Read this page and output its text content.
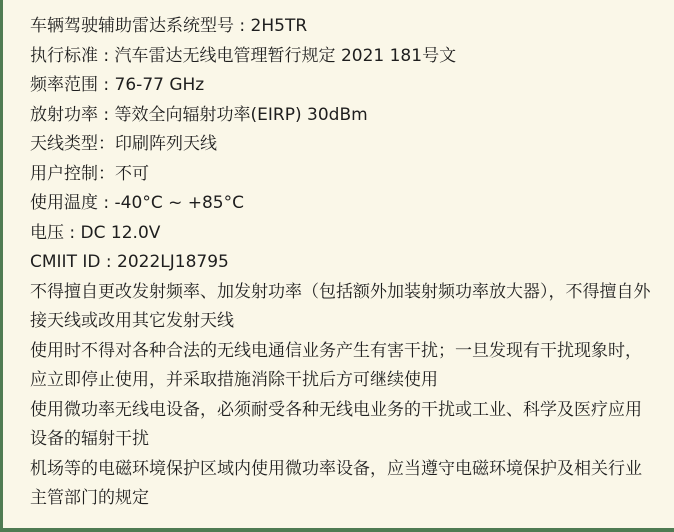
车辆驾驶辅助雷达系统型号 : 2H5TR
执行标准 : 汽车雷达无线电管理暂行规定 2021 181号文
频率范围 : 76-77 GHz
放射功率 : 等效全向辐射功率(EIRP) 30dBm
天线类型：印刷阵列天线
用户控制：不可
使用温度 : -40°C ~ +85°C
电压 : DC 12.0V
CMIIT ID : 2022LJ18795

不得擅自更改发射频率、加发射功率（包括额外加装射频功率放大器），不得擅自外接天线或改用其它发射天线

使用时不得对各种合法的无线电通信业务产生有害干扰；一旦发现有干扰现象时，应立即停止使用，并采取措施消除干扰后方可继续使用

使用微功率无线电设备，必须耐受各种无线电业务的干扰或工业、科学及医疗应用设备的辐射干扰

机场等的电磁环境保护区域内使用微功率设备，应当遵守电磁环境保护及相关行业主管部门的规定
